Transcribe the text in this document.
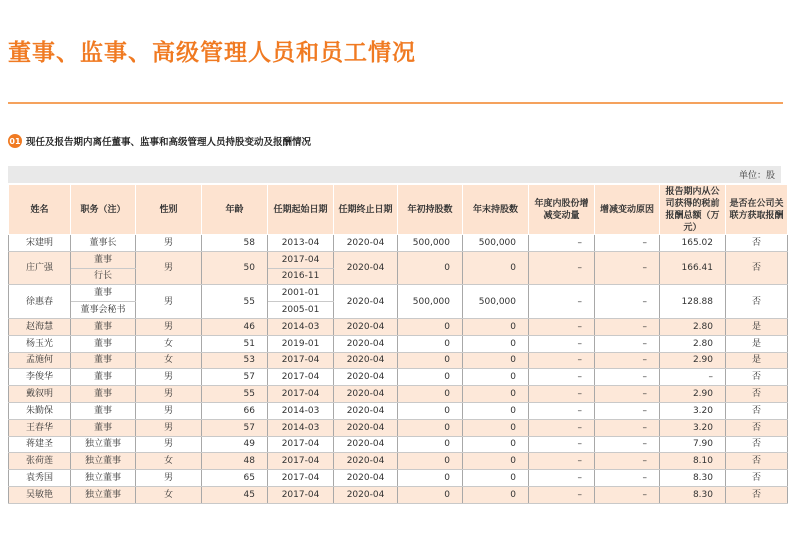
董事、监事、高级管理人员和员工情况
01 现任及报告期内离任董事、监事和高级管理人员持股变动及报酬情况
单位：股
姓名	职务（注）	性别	年龄	任期起始日期	任期终止日期	年初持股数	年末持股数	年度内股份增减变动量	增减变动原因	报告期内从公司获得的税前报酬总额（万元）	是否在公司关联方获取报酬
宋建明	董事长	男	58	2013-04	2020-04	500,000	500,000	–	–	165.02	否
庄广强	董事	男	50	2017-04	2020-04	0	0	–	–	166.41	否
	行长			2016-11							
徐惠春	董事	男	55	2001-01	2020-04	500,000	500,000	–	–	128.88	否
	董事会秘书			2005-01							
赵海慧	董事	男	46	2014-03	2020-04	0	0	–	–	2.80	是
杨玉光	董事	女	51	2019-01	2020-04	0	0	–	–	2.80	是
孟施何	董事	女	53	2017-04	2020-04	0	0	–	–	2.90	是
李俊华	董事	男	57	2017-04	2020-04	0	0	–	–	–	否
戴叙明	董事	男	55	2017-04	2020-04	0	0	–	–	2.90	否
朱勤保	董事	男	66	2014-03	2020-04	0	0	–	–	3.20	否
王春华	董事	男	57	2014-03	2020-04	0	0	–	–	3.20	否
蒋建圣	独立董事	男	49	2017-04	2020-04	0	0	–	–	7.90	否
张荷莲	独立董事	女	48	2017-04	2020-04	0	0	–	–	8.10	否
袁秀国	独立董事	男	65	2017-04	2020-04	0	0	–	–	8.30	否
吴敏艳	独立董事	女	45	2017-04	2020-04	0	0	–	–	8.30	否
